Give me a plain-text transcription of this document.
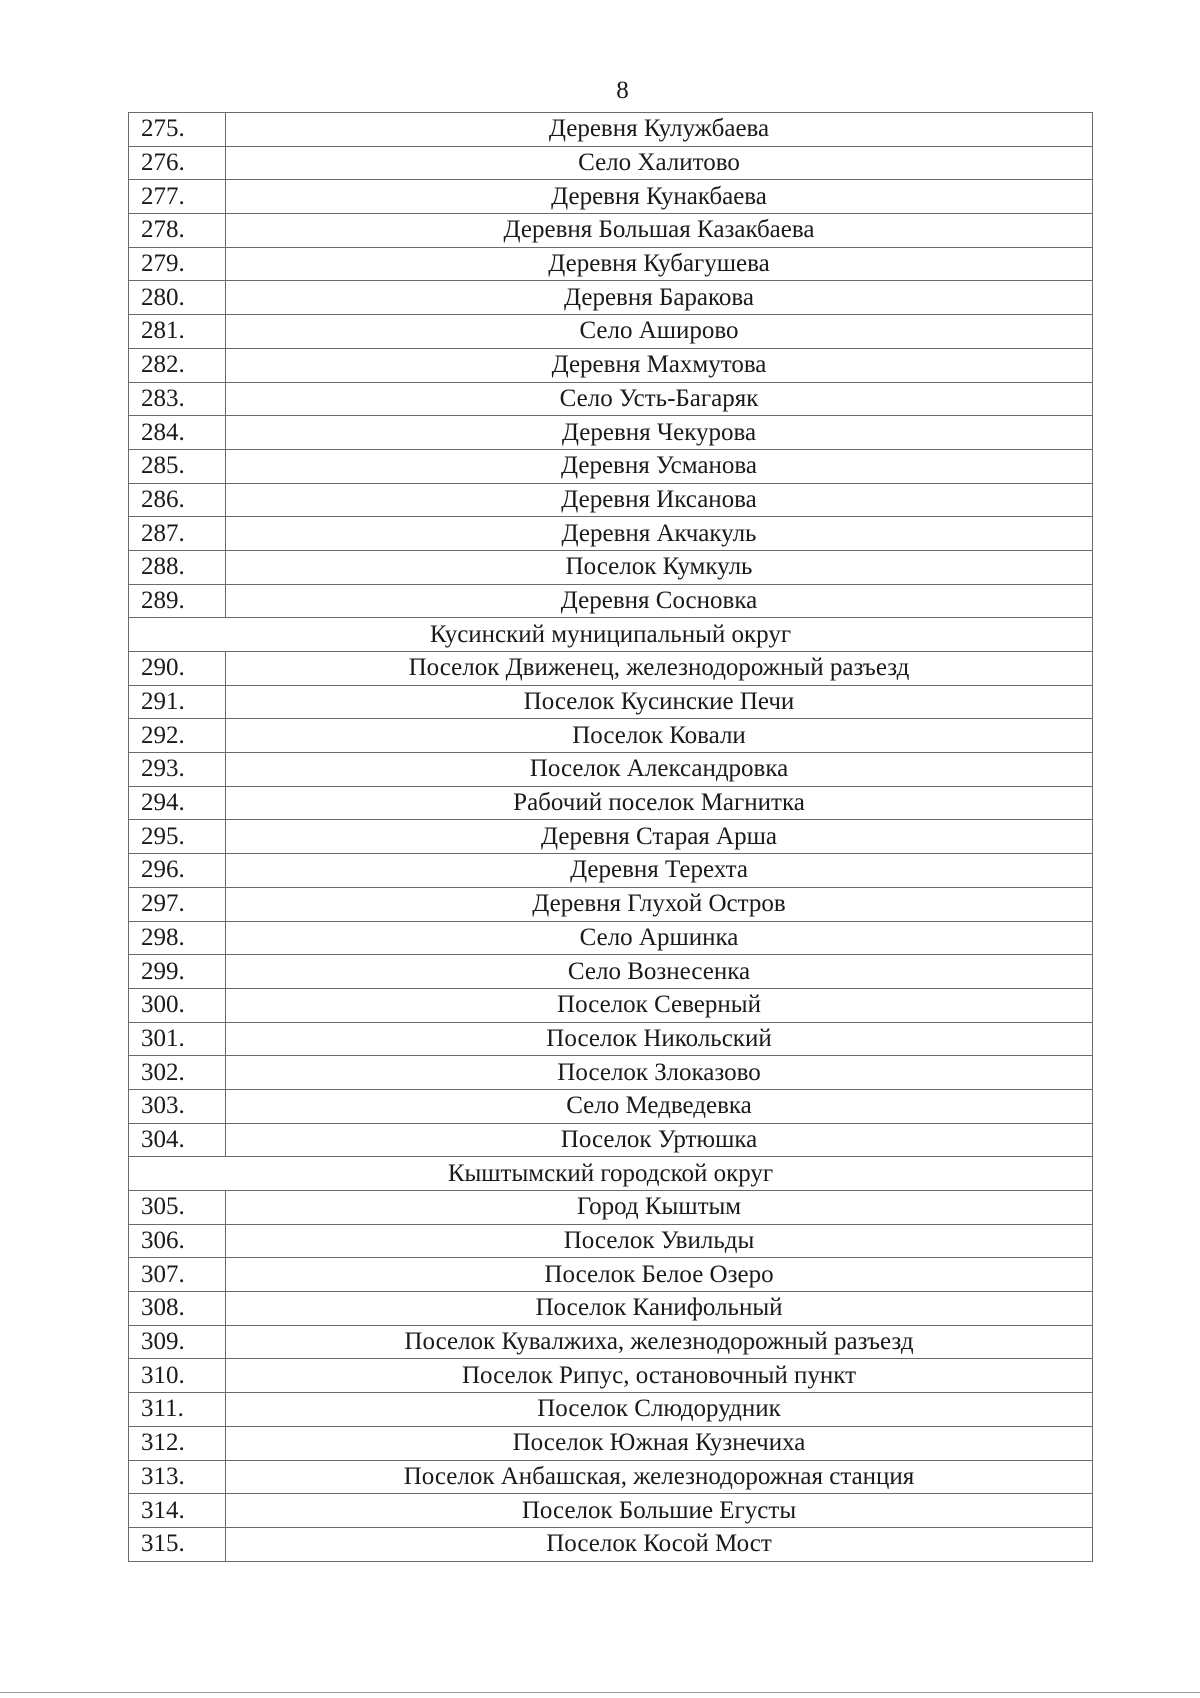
8
275.	Деревня Кулужбаева
276.	Село Халитово
277.	Деревня Кунакбаева
278.	Деревня Большая Казакбаева
279.	Деревня Кубагушева
280.	Деревня Баракова
281.	Село Аширово
282.	Деревня Махмутова
283.	Село Усть-Багаряк
284.	Деревня Чекурова
285.	Деревня Усманова
286.	Деревня Иксанова
287.	Деревня Акчакуль
288.	Поселок Кумкуль
289.	Деревня Сосновка
Кусинский муниципальный округ	
290.	Поселок Движенец, железнодорожный разъезд
291.	Поселок Кусинские Печи
292.	Поселок Ковали
293.	Поселок Александровка
294.	Рабочий поселок Магнитка
295.	Деревня Старая Арша
296.	Деревня Терехта
297.	Деревня Глухой Остров
298.	Село Аршинка
299.	Село Вознесенка
300.	Поселок Северный
301.	Поселок Никольский
302.	Поселок Злоказово
303.	Село Медведевка
304.	Поселок Уртюшка
Кыштымский городской округ	
305.	Город Кыштым
306.	Поселок Увильды
307.	Поселок Белое Озеро
308.	Поселок Канифольный
309.	Поселок Кувалжиха, железнодорожный разъезд
310.	Поселок Рипус, остановочный пункт
311.	Поселок Слюдорудник
312.	Поселок Южная Кузнечиха
313.	Поселок Анбашская, железнодорожная станция
314.	Поселок Большие Егусты
315.	Поселок Косой Мост
